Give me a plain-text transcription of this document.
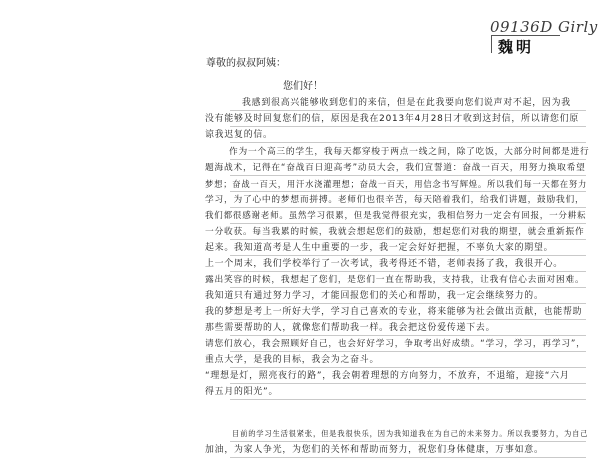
09136D Girly
魏明
尊敬的叔叔阿姨：
您们好！
我感到很高兴能够收到您们的来信，但是在此我要向您们说声对不起，因为我
没有能够及时回复您们的信，原因是我在2013年4月28日才收到这封信，所以请您们原
谅我迟复的信。
作为一个高三的学生，我每天都穿梭于两点一线之间，除了吃饭，大部分时间都是进行
题海战术，记得在“奋战百日迎高考”动员大会，我们宣誓道：奋战一百天，用努力换取希望
梦想；奋战一百天，用汗水浇灌理想；奋战一百天，用信念书写辉煌。所以我们每一天都在努力
学习，为了心中的梦想而拼搏。老师们也很辛苦，每天陪着我们，给我们讲题，鼓励我们，
我们都很感谢老师。虽然学习很累，但是我觉得很充实，我相信努力一定会有回报，一分耕耘
一分收获。每当我累的时候，我就会想起您们的鼓励，想起您们对我的期望，就会重新振作
起来。我知道高考是人生中重要的一步，我一定会好好把握，不辜负大家的期望。
上一个周末，我们学校举行了一次考试，我考得还不错，老师表扬了我，我很开心。
露出笑容的时候，我想起了您们，是您们一直在帮助我，支持我，让我有信心去面对困难。
我知道只有通过努力学习，才能回报您们的关心和帮助，我一定会继续努力的。
我的梦想是考上一所好大学，学习自己喜欢的专业，将来能够为社会做出贡献，也能帮助
那些需要帮助的人，就像您们帮助我一样。我会把这份爱传递下去。
请您们放心，我会照顾好自己，也会好好学习，争取考出好成绩。“学习，学习，再学习”，
重点大学，是我的目标，我会为之奋斗。
“理想是灯，照亮夜行的路”，我会朝着理想的方向努力，不放弃，不退缩，迎接“六月
得五月的阳光”。
目前的学习生活很紧张，但是我很快乐，因为我知道我在为自己的未来努力。所以我要努力，为自己
加油，为家人争光，为您们的关怀和帮助而努力，祝您们身体健康，万事如意。
